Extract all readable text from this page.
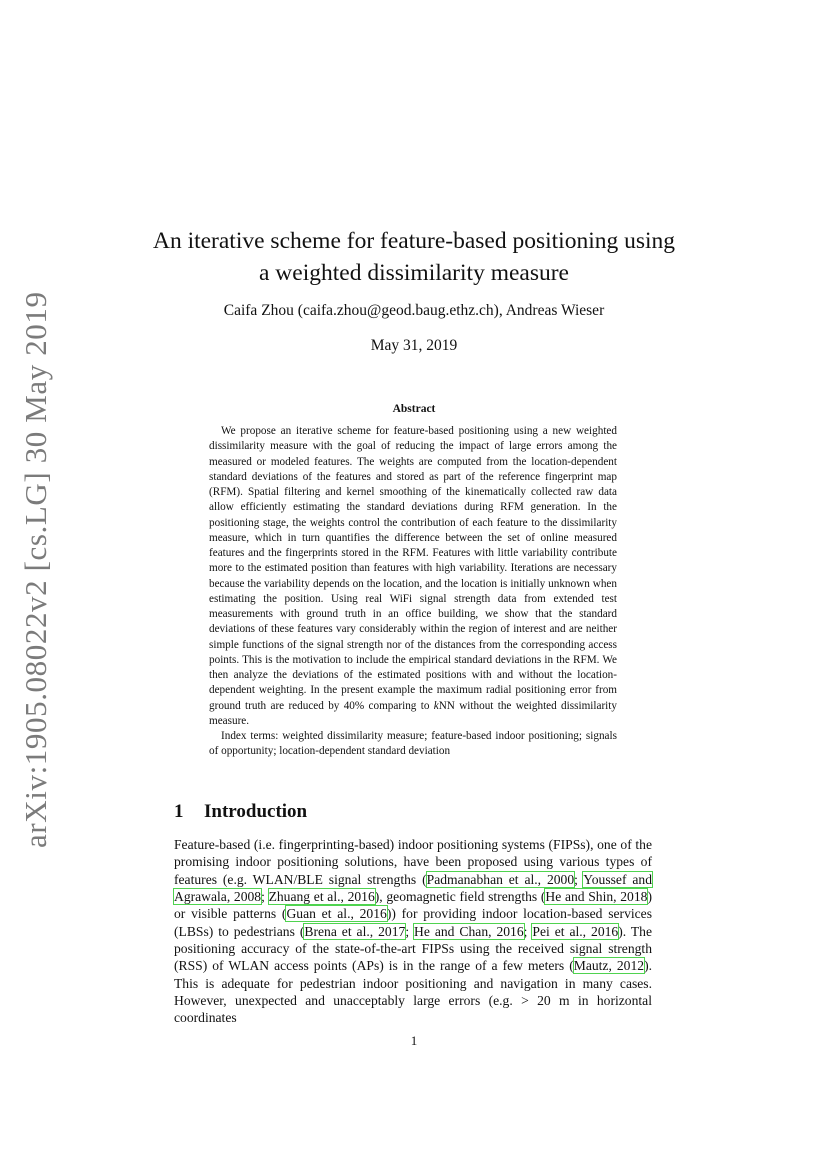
arXiv:1905.08022v2 [cs.LG] 30 May 2019
An iterative scheme for feature-based positioning using a weighted dissimilarity measure

Caifa Zhou (caifa.zhou@geod.baug.ethz.ch), Andreas Wieser

May 31, 2019

Abstract

We propose an iterative scheme for feature-based positioning using a new weighted dissimilarity measure with the goal of reducing the impact of large errors among the measured or modeled features. The weights are computed from the location-dependent standard deviations of the features and stored as part of the reference fingerprint map (RFM). Spatial filtering and kernel smoothing of the kinematically collected raw data allow efficiently estimating the standard deviations during RFM generation. In the positioning stage, the weights control the contribution of each feature to the dissimilarity measure, which in turn quantifies the difference between the set of online measured features and the fingerprints stored in the RFM. Features with little variability contribute more to the estimated position than features with high variability. Iterations are necessary because the variability depends on the location, and the location is initially unknown when estimating the position. Using real WiFi signal strength data from extended test measurements with ground truth in an office building, we show that the standard deviations of these features vary considerably within the region of interest and are neither simple functions of the signal strength nor of the distances from the corresponding access points. This is the motivation to include the empirical standard deviations in the RFM. We then analyze the deviations of the estimated positions with and without the location-dependent weighting. In the present example the maximum radial positioning error from ground truth are reduced by 40% comparing to kNN without the weighted dissimilarity measure.

Index terms: weighted dissimilarity measure; feature-based indoor positioning; signals of opportunity; location-dependent standard deviation

1 Introduction

Feature-based (i.e. fingerprinting-based) indoor positioning systems (FIPSs), one of the promising indoor positioning solutions, have been proposed using various types of features (e.g. WLAN/BLE signal strengths (Padmanabhan et al., 2000; Youssef and Agrawala, 2008; Zhuang et al., 2016), geomagnetic field strengths (He and Shin, 2018) or visible patterns (Guan et al., 2016)) for providing indoor location-based services (LBSs) to pedestrians (Brena et al., 2017; He and Chan, 2016; Pei et al., 2016). The positioning accuracy of the state-of-the-art FIPSs using the received signal strength (RSS) of WLAN access points (APs) is in the range of a few meters (Mautz, 2012). This is adequate for pedestrian indoor positioning and navigation in many cases. However, unexpected and unacceptably large errors (e.g. > 20 m in horizontal coordinates

1
